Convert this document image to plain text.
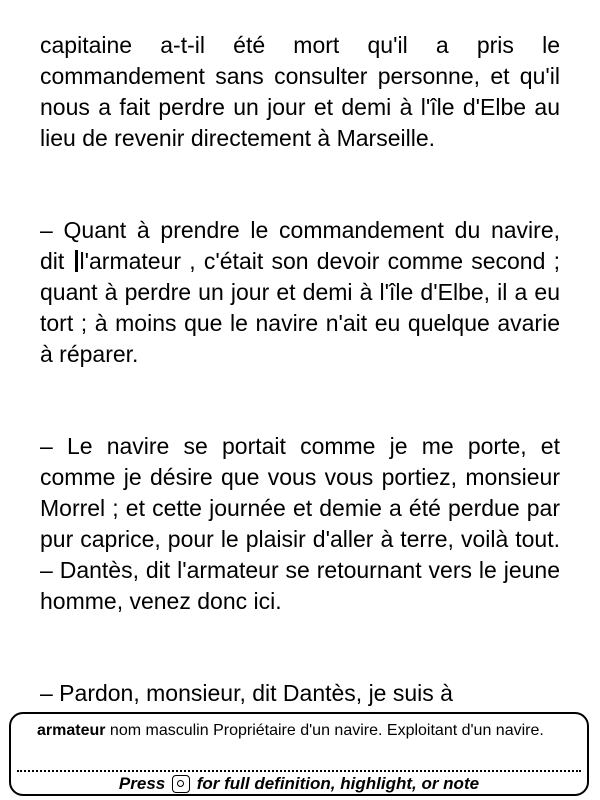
capitaine a-t-il été mort qu'il a pris le commandement sans consulter personne, et qu'il nous a fait perdre un jour et demi à l'île d'Elbe au lieu de revenir directement à Marseille.

– Quant à prendre le commandement du navire, dit l'armateur , c'était son devoir comme second ; quant à perdre un jour et demi à l'île d'Elbe, il a eu tort ; à moins que le navire n'ait eu quelque avarie à réparer.

– Le navire se portait comme je me porte, et comme je désire que vous vous portiez, monsieur Morrel ; et cette journée et demie a été perdue par pur caprice, pour le plaisir d'aller à terre, voilà tout. – Dantès, dit l'armateur se retournant vers le jeune homme, venez donc ici.

– Pardon, monsieur, dit Dantès, je suis à

armateur nom masculin Propriétaire d'un navire. Exploitant d'un navire.
Press for full definition, highlight, or note
